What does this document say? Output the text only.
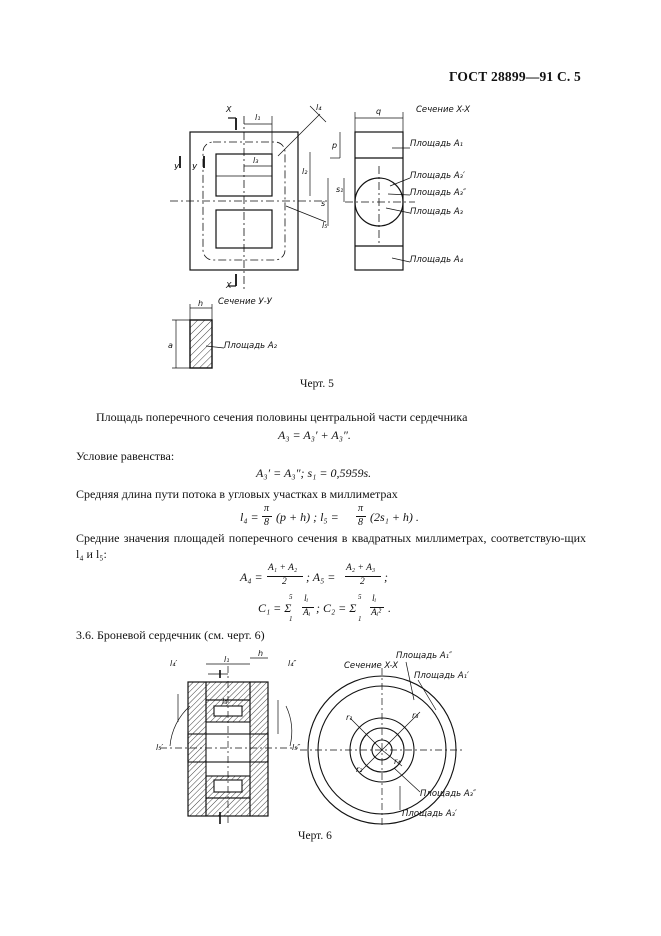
ГОСТ 28899—91 С. 5
X
X
У У
l₁
l₃
l₄
l₅
l₂
q
p
s
s₁
Сечение X-X
Площадь A₁
Площадь A₃′
Площадь A₃″
Площадь A₃
Площадь A₄
Сечение У-У
h
a	Площадь A₂
Черт. 5
Площадь поперечного сечения половины центральной части сердечника
A₃ = A₃′ + A₃″.
Условие равенства:
A₃′ = A₃″; s₁ = 0,5959s.
Средняя длина пути потока в угловых участках в миллиметрах
l₄ =
π
8 (p + h) ; l₅ =
π
8 (2s₁ + h) .
Средние значения площадей поперечного сечения в квадратных миллиметрах, соответствую-щих l₄ и l₅:
A₄ =
A₁ + A₂
2 ; A₅ =
A₂ + A₃
2 ;
C₁ = Σ
5
1
lᵢ
Aᵢ ; C₂ = Σ
5
1
lᵢ
Aᵢ² .
3.6. Броневой сердечник (см. черт. 6)
l₁
h
l₄′	l₄″
l₅′	l₅″
l₃
r₁
r₂
r₃
r₄
Сечение X-X
Площадь A₁″
Площадь A₁′
Площадь A₃″
Площадь A₃′
Черт. 6
